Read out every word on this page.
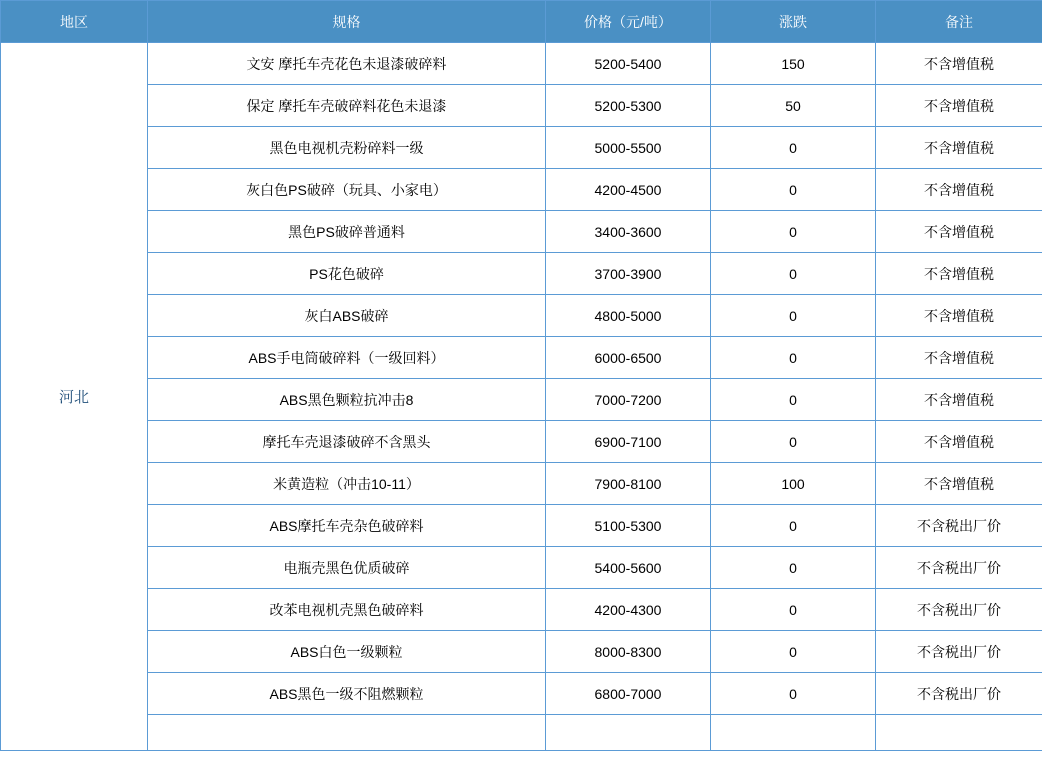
地区	规格	价格（元/吨）	涨跌	备注
河北	文安 摩托车壳花色未退漆破碎料	5200-5400	150	不含增值税
	保定 摩托车壳破碎料花色未退漆	5200-5300	50	不含增值税
	黑色电视机壳粉碎料一级	5000-5500	0	不含增值税
	灰白色PS破碎（玩具、小家电）	4200-4500	0	不含增值税
	黑色PS破碎普通料	3400-3600	0	不含增值税
	PS花色破碎	3700-3900	0	不含增值税
	灰白ABS破碎	4800-5000	0	不含增值税
	ABS手电筒破碎料（一级回料）	6000-6500	0	不含增值税
	ABS黑色颗粒抗冲击8	7000-7200	0	不含增值税
	摩托车壳退漆破碎不含黑头	6900-7100	0	不含增值税
	米黄造粒（冲击10-11）	7900-8100	100	不含增值税
	ABS摩托车壳杂色破碎料	5100-5300	0	不含税出厂价
	电瓶壳黑色优质破碎	5400-5600	0	不含税出厂价
	改苯电视机壳黑色破碎料	4200-4300	0	不含税出厂价
	ABS白色一级颗粒	8000-8300	0	不含税出厂价
	ABS黑色一级不阻燃颗粒	6800-7000	0	不含税出厂价
